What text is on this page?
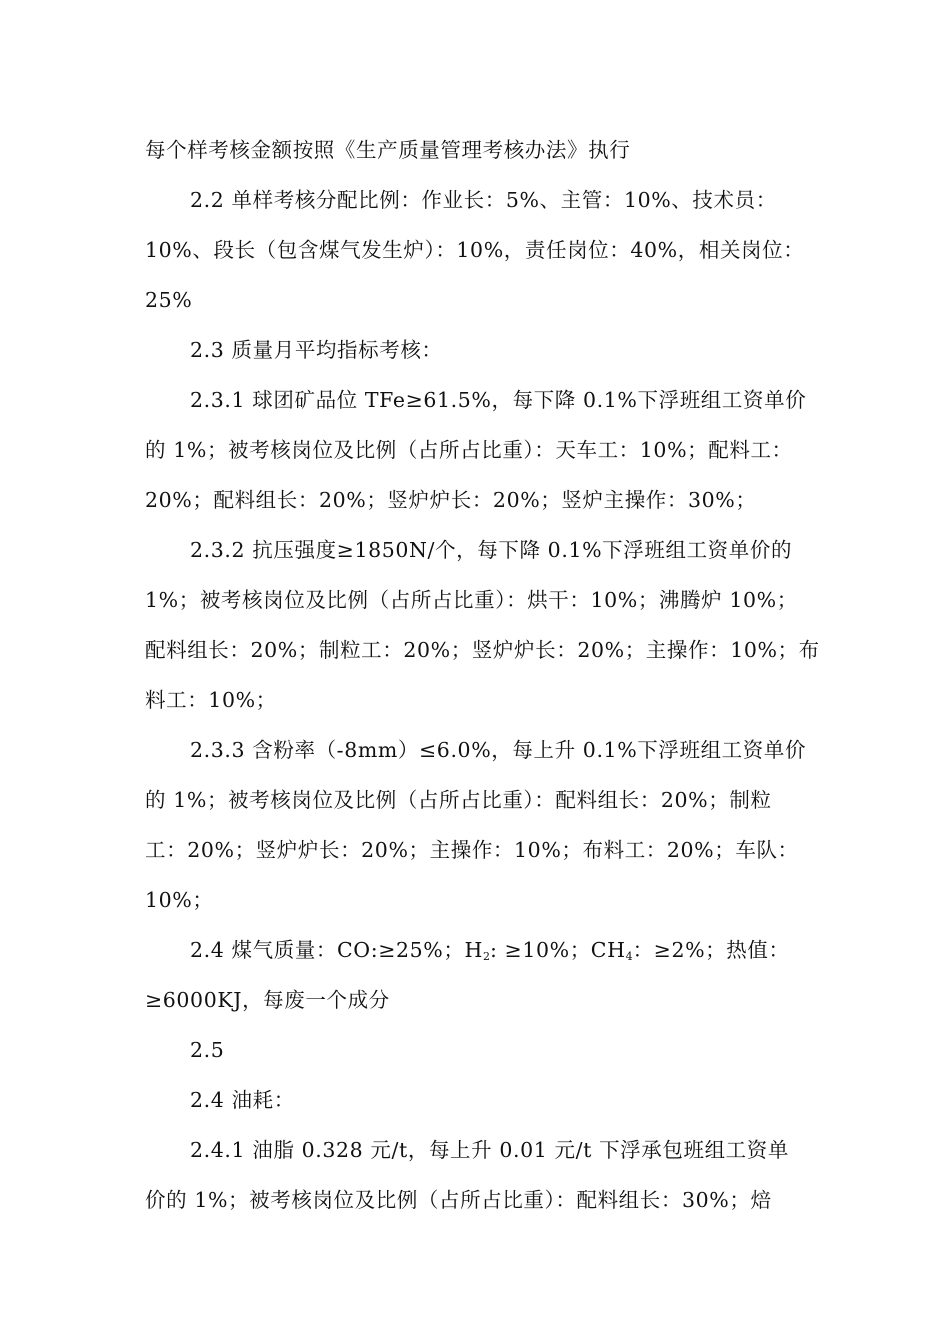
每个样考核金额按照《生产质量管理考核办法》执行
2.2 单样考核分配比例：作业长：5%、主管：10%、技术员：
10%、段长（包含煤气发生炉）：10%，责任岗位：40%，相关岗位：
25%
2.3 质量月平均指标考核：
2.3.1 球团矿品位 TFe≥61.5%，每下降 0.1%下浮班组工资单价
的 1%；被考核岗位及比例（占所占比重）：天车工：10%；配料工：
20%；配料组长：20%；竖炉炉长：20%；竖炉主操作：30%；
2.3.2 抗压强度≥1850N/个，每下降 0.1%下浮班组工资单价的
1%；被考核岗位及比例（占所占比重）：烘干：10%；沸腾炉 10%；
配料组长：20%；制粒工：20%；竖炉炉长：20%；主操作：10%；布
料工：10%；
2.3.3 含粉率（-8mm）≤6.0%，每上升 0.1%下浮班组工资单价
的 1%；被考核岗位及比例（占所占比重）：配料组长：20%；制粒
工：20%；竖炉炉长：20%；主操作：10%；布料工：20%；车队：
10%；
2.4 煤气质量：CO:≥25%；$H_2$: ≥10%；$CH_4$：≥2%；热值：
≥6000KJ，每废一个成分
2.5
2.4 油耗：
2.4.1 油脂 0.328 元/t，每上升 0.01 元/t 下浮承包班组工资单
价的 1%；被考核岗位及比例（占所占比重）：配料组长：30%；焙
